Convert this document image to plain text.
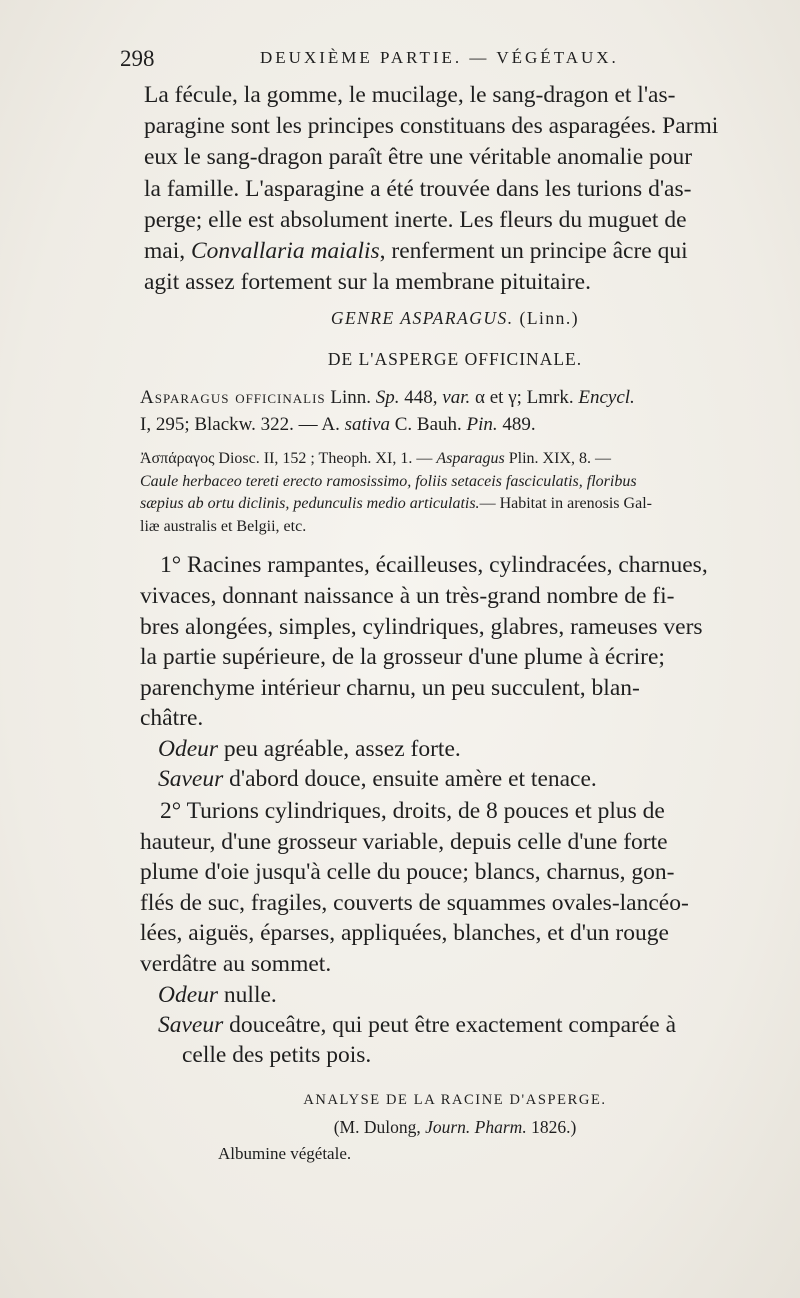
298	DEUXIÈME PARTIE. — VÉGÉTAUX.

La fécule, la gomme, le mucilage, le sang-dragon et l'as-
paragine sont les principes constituans des asparagées. Parmi
eux le sang-dragon paraît être une véritable anomalie pour
la famille. L'asparagine a été trouvée dans les turions d'as-
perge; elle est absolument inerte. Les fleurs du muguet de
mai, Convallaria maialis, renferment un principe âcre qui
agit assez fortement sur la membrane pituitaire.

GENRE ASPARAGUS. (Linn.)

DE L'ASPERGE OFFICINALE.

Asparagus officinalis Linn. Sp. 448, var. α et γ; Lmrk. Encycl.
I, 295; Blackw. 322. — A. sativa C. Bauh. Pin. 489.

Ἀσπάραγος Diosc. II, 152 ; Theoph. XI, 1. — Asparagus Plin. XIX, 8. —
Caule herbaceo tereti erecto ramosissimo, foliis setaceis fasciculatis, floribus
sæpius ab ortu diclinis, pedunculis medio articulatis.— Habitat in arenosis Gal-
liæ australis et Belgii, etc.

1° Racines rampantes, écailleuses, cylindracées, charnues,
vivaces, donnant naissance à un très-grand nombre de fi-
bres alongées, simples, cylindriques, glabres, rameuses vers
la partie supérieure, de la grosseur d'une plume à écrire;
parenchyme intérieur charnu, un peu succulent, blan-
châtre.

Odeur peu agréable, assez forte.

Saveur d'abord douce, ensuite amère et tenace.

2° Turions cylindriques, droits, de 8 pouces et plus de
hauteur, d'une grosseur variable, depuis celle d'une forte
plume d'oie jusqu'à celle du pouce; blancs, charnus, gon-
flés de suc, fragiles, couverts de squammes ovales-lancéo-
lées, aiguës, éparses, appliquées, blanches, et d'un rouge
verdâtre au sommet.

Odeur nulle.

Saveur douceâtre, qui peut être exactement comparée à
celle des petits pois.

ANALYSE DE LA RACINE D'ASPERGE.

(M. Dulong, Journ. Pharm. 1826.)

Albumine végétale.
